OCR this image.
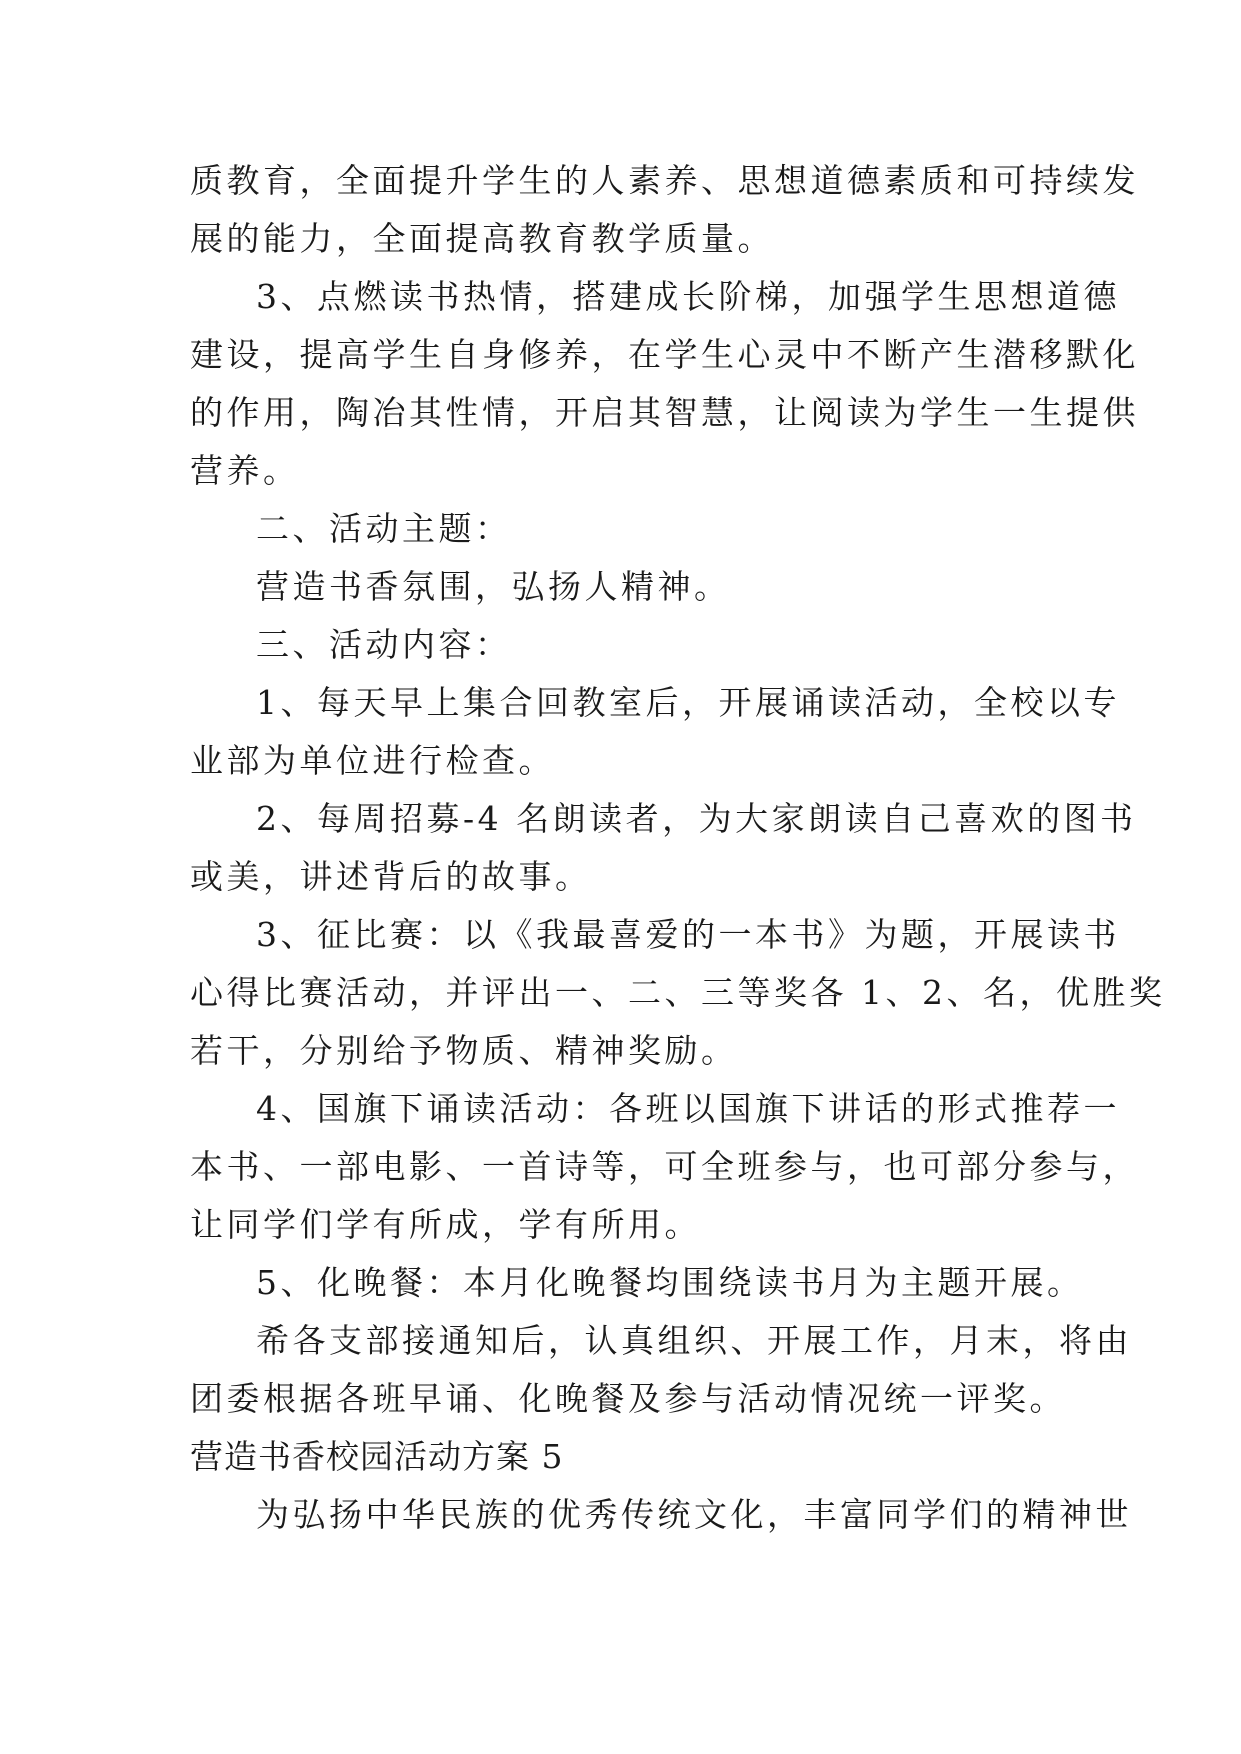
质教育，全面提升学生的人素养、思想道德素质和可持续发
展的能力，全面提高教育教学质量。
3、点燃读书热情，搭建成长阶梯，加强学生思想道德
建设，提高学生自身修养，在学生心灵中不断产生潜移默化
的作用，陶冶其性情，开启其智慧，让阅读为学生一生提供
营养。
二、活动主题：
营造书香氛围，弘扬人精神。
三、活动内容：
1、每天早上集合回教室后，开展诵读活动，全校以专
业部为单位进行检查。
2、每周招募-4 名朗读者，为大家朗读自己喜欢的图书
或美，讲述背后的故事。
3、征比赛：以《我最喜爱的一本书》为题，开展读书
心得比赛活动，并评出一、二、三等奖各 1、2、名，优胜奖
若干，分别给予物质、精神奖励。
4、国旗下诵读活动：各班以国旗下讲话的形式推荐一
本书、一部电影、一首诗等，可全班参与，也可部分参与，
让同学们学有所成，学有所用。
5、化晚餐：本月化晚餐均围绕读书月为主题开展。
希各支部接通知后，认真组织、开展工作，月末，将由
团委根据各班早诵、化晚餐及参与活动情况统一评奖。
营造书香校园活动方案 5
为弘扬中华民族的优秀传统文化，丰富同学们的精神世
